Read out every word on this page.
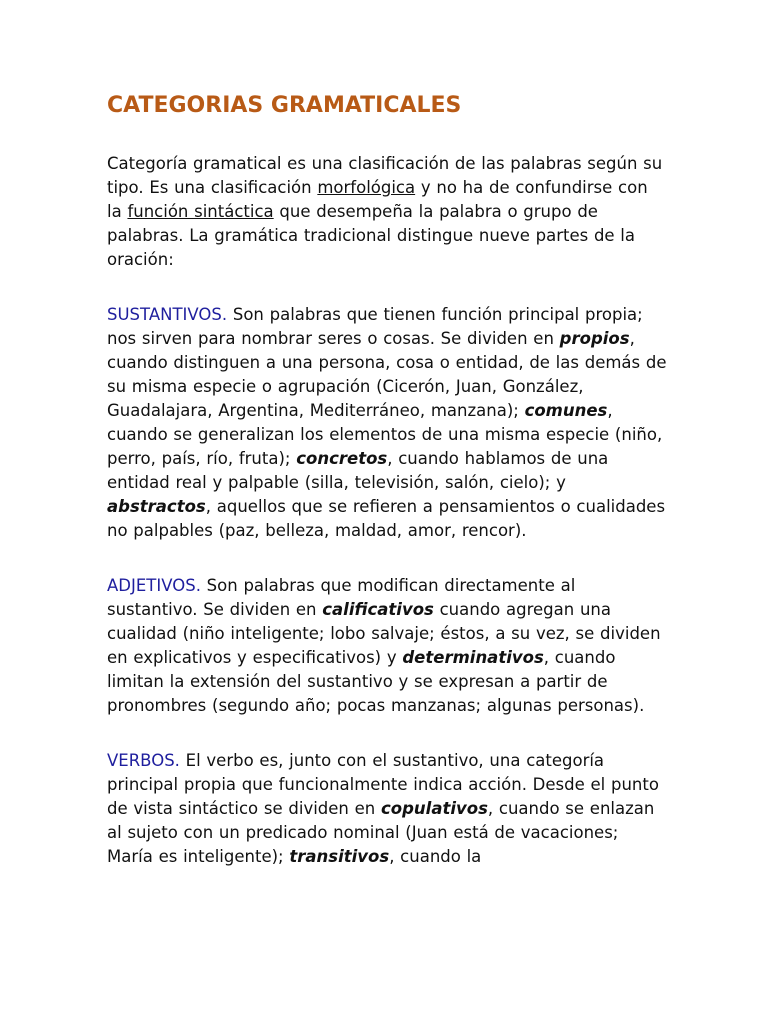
CATEGORIAS GRAMATICALES

Categoría gramatical es una clasificación de las palabras según su tipo. Es una clasificación morfológica y no ha de confundirse con la función sintáctica que desempeña la palabra o grupo de palabras. La gramática tradicional distingue nueve partes de la oración:

SUSTANTIVOS. Son palabras que tienen función principal propia; nos sirven para nombrar seres o cosas. Se dividen en propios, cuando distinguen a una persona, cosa o entidad, de las demás de su misma especie o agrupación (Cicerón, Juan, González, Guadalajara, Argentina, Mediterráneo, manzana); comunes, cuando se generalizan los elementos de una misma especie (niño, perro, país, río, fruta); concretos, cuando hablamos de una entidad real y palpable (silla, televisión, salón, cielo); y abstractos, aquellos que se refieren a pensamientos o cualidades no palpables (paz, belleza, maldad, amor, rencor).

ADJETIVOS. Son palabras que modifican directamente al sustantivo. Se dividen en calificativos cuando agregan una cualidad (niño inteligente; lobo salvaje; éstos, a su vez, se dividen en explicativos y especificativos) y determinativos, cuando limitan la extensión del sustantivo y se expresan a partir de pronombres (segundo año; pocas manzanas; algunas personas).

VERBOS. El verbo es, junto con el sustantivo, una categoría principal propia que funcionalmente indica acción. Desde el punto de vista sintáctico se dividen en copulativos, cuando se enlazan al sujeto con un predicado nominal (Juan está de vacaciones; María es inteligente); transitivos, cuando la
